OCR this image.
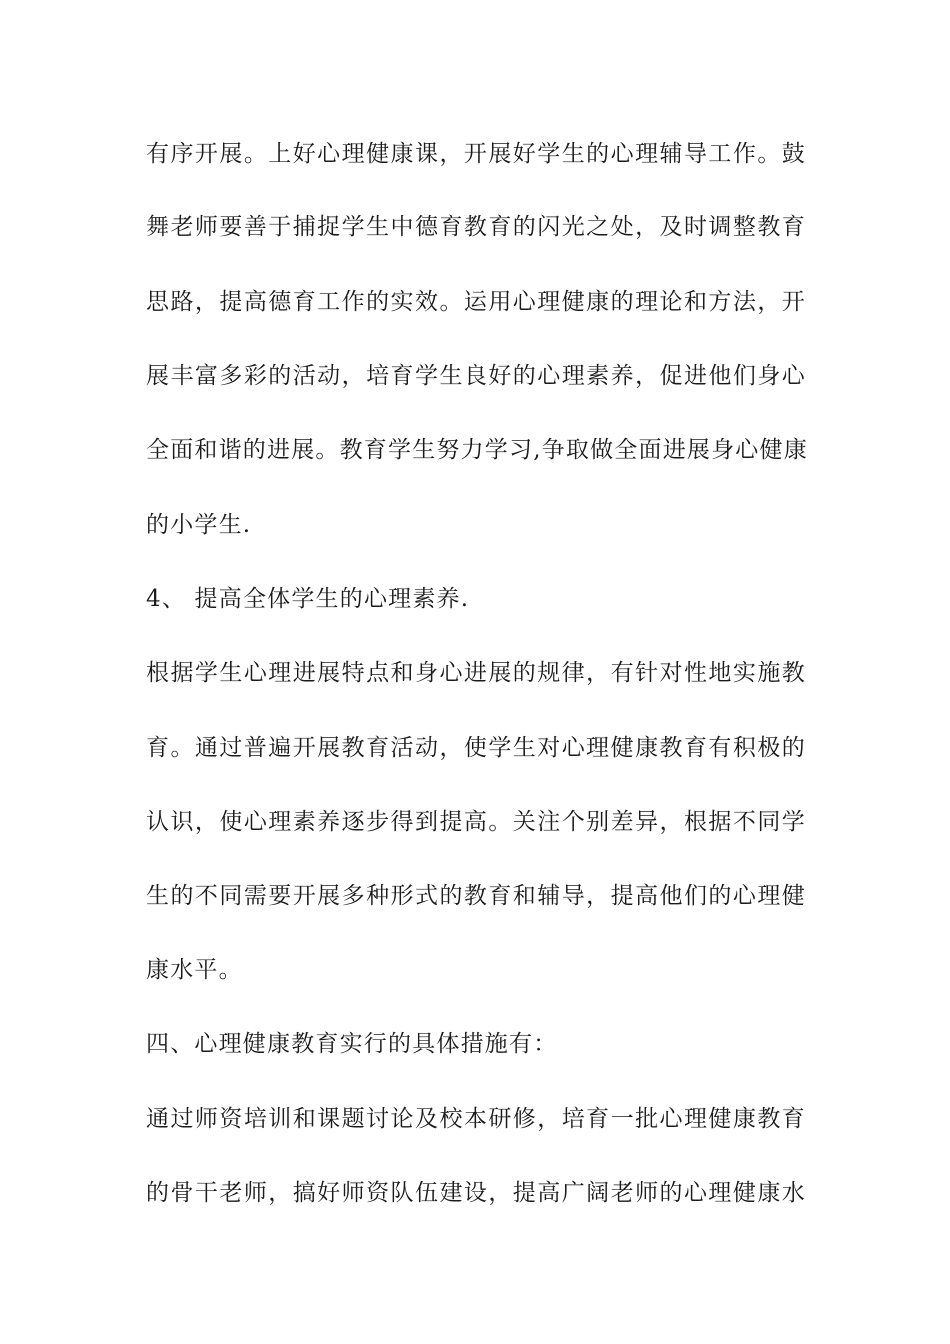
有序开展。上好心理健康课，开展好学生的心理辅导工作。鼓
舞老师要善于捕捉学生中德育教育的闪光之处，及时调整教育
思路，提高德育工作的实效。运用心理健康的理论和方法，开
展丰富多彩的活动，培育学生良好的心理素养，促进他们身心
全面和谐的进展。教育学生努力学习,争取做全面进展身心健康
的小学生.
4、 提高全体学生的心理素养.
根据学生心理进展特点和身心进展的规律，有针对性地实施教
育。通过普遍开展教育活动，使学生对心理健康教育有积极的
认识，使心理素养逐步得到提高。关注个别差异，根据不同学
生的不同需要开展多种形式的教育和辅导，提高他们的心理健
康水平。
四、心理健康教育实行的具体措施有：
通过师资培训和课题讨论及校本研修，培育一批心理健康教育
的骨干老师，搞好师资队伍建设，提高广阔老师的心理健康水
